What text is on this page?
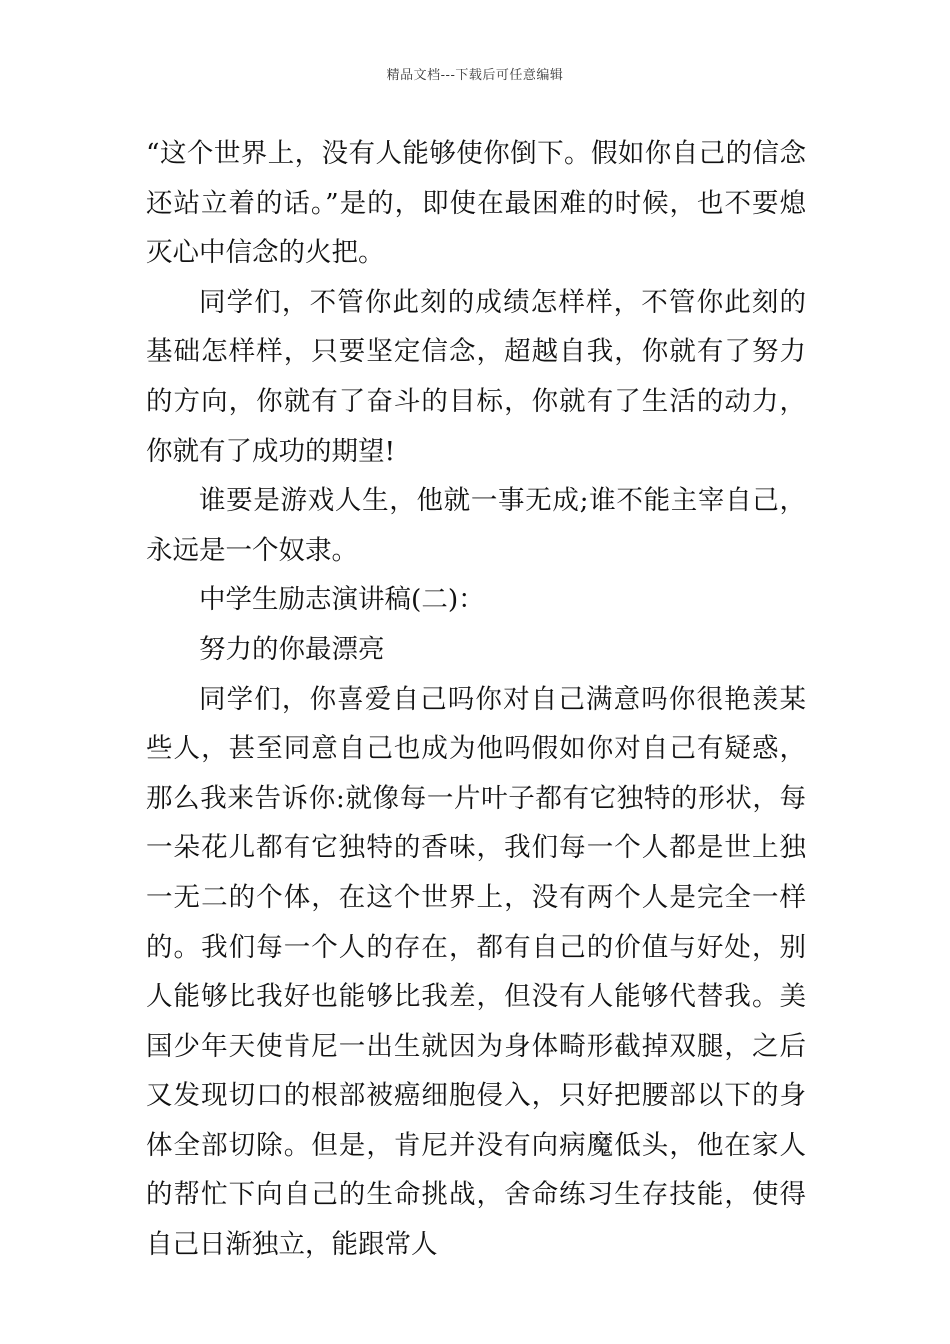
精品文档---下载后可任意编辑

“这个世界上，没有人能够使你倒下。假如你自己的信念还站立着的话。”是的，即使在最困难的时候，也不要熄灭心中信念的火把。

同学们，不管你此刻的成绩怎样样，不管你此刻的基础怎样样，只要坚定信念，超越自我，你就有了努力的方向，你就有了奋斗的目标，你就有了生活的动力，你就有了成功的期望!

谁要是游戏人生，他就一事无成;谁不能主宰自己，永远是一个奴隶。

中学生励志演讲稿(二)：

努力的你最漂亮

同学们，你喜爱自己吗你对自己满意吗你很艳羡某些人，甚至同意自己也成为他吗假如你对自己有疑惑，那么我来告诉你:就像每一片叶子都有它独特的形状，每一朵花儿都有它独特的香味，我们每一个人都是世上独一无二的个体，在这个世界上，没有两个人是完全一样的。我们每一个人的存在，都有自己的价值与好处，别人能够比我好也能够比我差，但没有人能够代替我。美国少年天使肯尼一出生就因为身体畸形截掉双腿，之后又发现切口的根部被癌细胞侵入，只好把腰部以下的身体全部切除。但是，肯尼并没有向病魔低头，他在家人的帮忙下向自己的生命挑战，舍命练习生存技能，使得自己日渐独立，能跟常人
